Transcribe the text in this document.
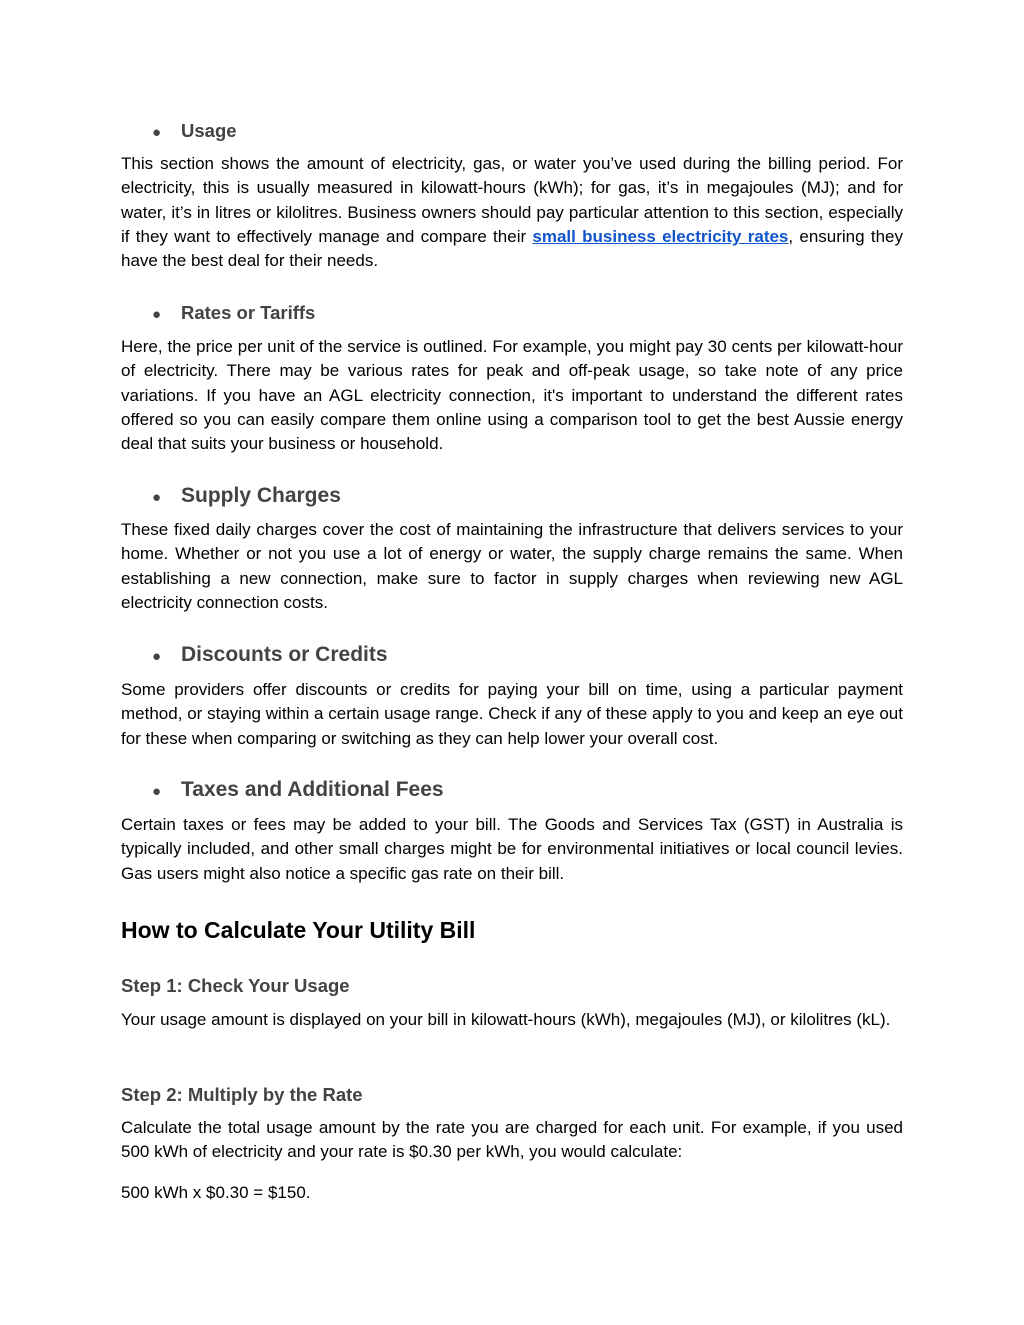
●	Usage

This section shows the amount of electricity, gas, or water you’ve used during the billing period. For electricity, this is usually measured in kilowatt-hours (kWh); for gas, it’s in megajoules (MJ); and for water, it’s in litres or kilolitres. Business owners should pay particular attention to this section, especially if they want to effectively manage and compare their small business electricity rates, ensuring they have the best deal for their needs.

●	Rates or Tariffs

Here, the price per unit of the service is outlined. For example, you might pay 30 cents per kilowatt-hour of electricity. There may be various rates for peak and off-peak usage, so take note of any price variations. If you have an AGL electricity connection, it's important to understand the different rates offered so you can easily compare them online using a comparison tool to get the best Aussie energy deal that suits your business or household.

● Supply Charges

These fixed daily charges cover the cost of maintaining the infrastructure that delivers services to your home. Whether or not you use a lot of energy or water, the supply charge remains the same. When establishing a new connection, make sure to factor in supply charges when reviewing new AGL electricity connection costs.

● Discounts or Credits

Some providers offer discounts or credits for paying your bill on time, using a particular payment method, or staying within a certain usage range. Check if any of these apply to you and keep an eye out for these when comparing or switching as they can help lower your overall cost.

● Taxes and Additional Fees

Certain taxes or fees may be added to your bill. The Goods and Services Tax (GST) in Australia is typically included, and other small charges might be for environmental initiatives or local council levies. Gas users might also notice a specific gas rate on their bill.

How to Calculate Your Utility Bill
Step 1: Check Your Usage

Your usage amount is displayed on your bill in kilowatt-hours (kWh), megajoules (MJ), or kilolitres (kL).

Step 2: Multiply by the Rate

Calculate the total usage amount by the rate you are charged for each unit. For example, if you used 500 kWh of electricity and your rate is $0.30 per kWh, you would calculate:

500 kWh x $0.30 = $150.
